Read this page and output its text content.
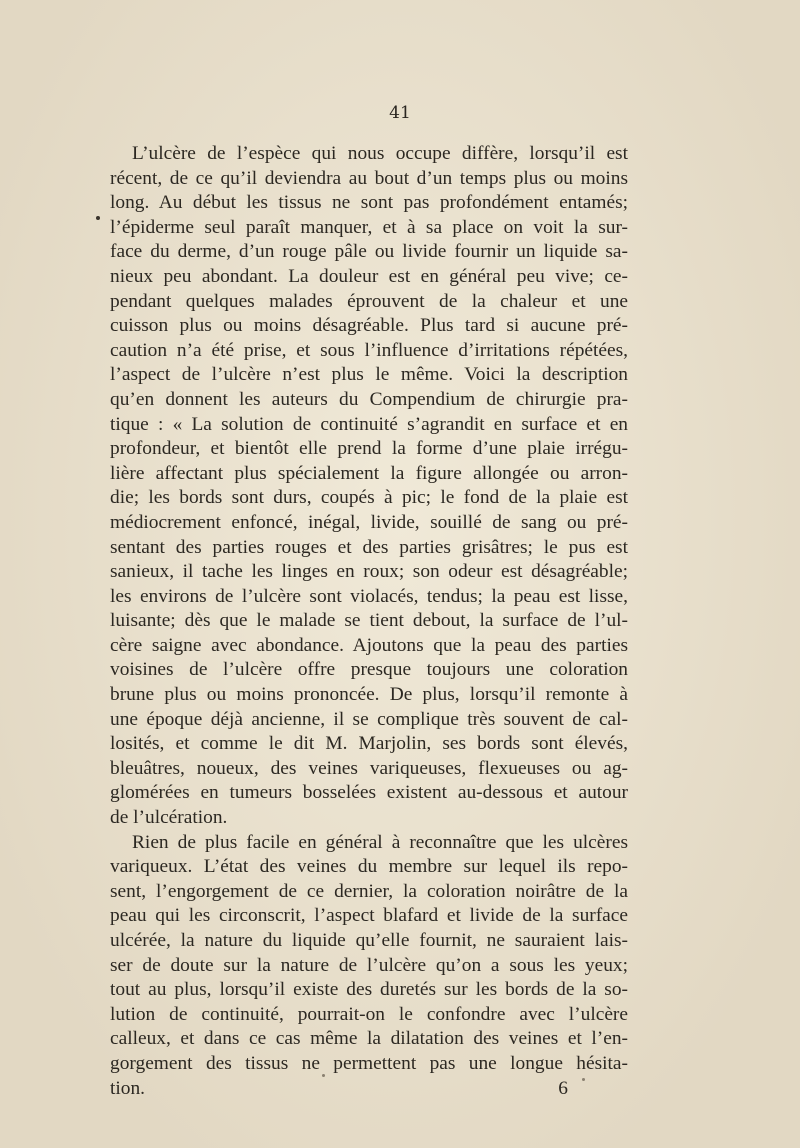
41
L’ulcère de l’espèce qui nous occupe diffère, lorsqu’il est
récent, de ce qu’il deviendra au bout d’un temps plus ou moins
long. Au début les tissus ne sont pas profondément entamés;
l’épiderme seul paraît manquer, et à sa place on voit la sur-
face du derme, d’un rouge pâle ou livide fournir un liquide sa-
nieux peu abondant. La douleur est en général peu vive; ce-
pendant quelques malades éprouvent de la chaleur et une
cuisson plus ou moins désagréable. Plus tard si aucune pré-
caution n’a été prise, et sous l’influence d’irritations répétées,
l’aspect de l’ulcère n’est plus le même. Voici la description
qu’en donnent les auteurs du Compendium de chirurgie pra-
tique : « La solution de continuité s’agrandit en surface et en
profondeur, et bientôt elle prend la forme d’une plaie irrégu-
lière affectant plus spécialement la figure allongée ou arron-
die; les bords sont durs, coupés à pic; le fond de la plaie est
médiocrement enfoncé, inégal, livide, souillé de sang ou pré-
sentant des parties rouges et des parties grisâtres; le pus est
sanieux, il tache les linges en roux; son odeur est désagréable;
les environs de l’ulcère sont violacés, tendus; la peau est lisse,
luisante; dès que le malade se tient debout, la surface de l’ul-
cère saigne avec abondance. Ajoutons que la peau des parties
voisines de l’ulcère offre presque toujours une coloration
brune plus ou moins prononcée. De plus, lorsqu’il remonte à
une époque déjà ancienne, il se complique très souvent de cal-
losités, et comme le dit M. Marjolin, ses bords sont élevés,
bleuâtres, noueux, des veines variqueuses, flexueuses ou ag-
glomérées en tumeurs bosselées existent au-dessous et autour
de l’ulcération.
Rien de plus facile en général à reconnaître que les ulcères
variqueux. L’état des veines du membre sur lequel ils repo-
sent, l’engorgement de ce dernier, la coloration noirâtre de la
peau qui les circonscrit, l’aspect blafard et livide de la surface
ulcérée, la nature du liquide qu’elle fournit, ne sauraient lais-
ser de doute sur la nature de l’ulcère qu’on a sous les yeux;
tout au plus, lorsqu’il existe des duretés sur les bords de la so-
lution de continuité, pourrait-on le confondre avec l’ulcère
calleux, et dans ce cas même la dilatation des veines et l’en-
gorgement des tissus ne permettent pas une longue hésita-
tion.	6
